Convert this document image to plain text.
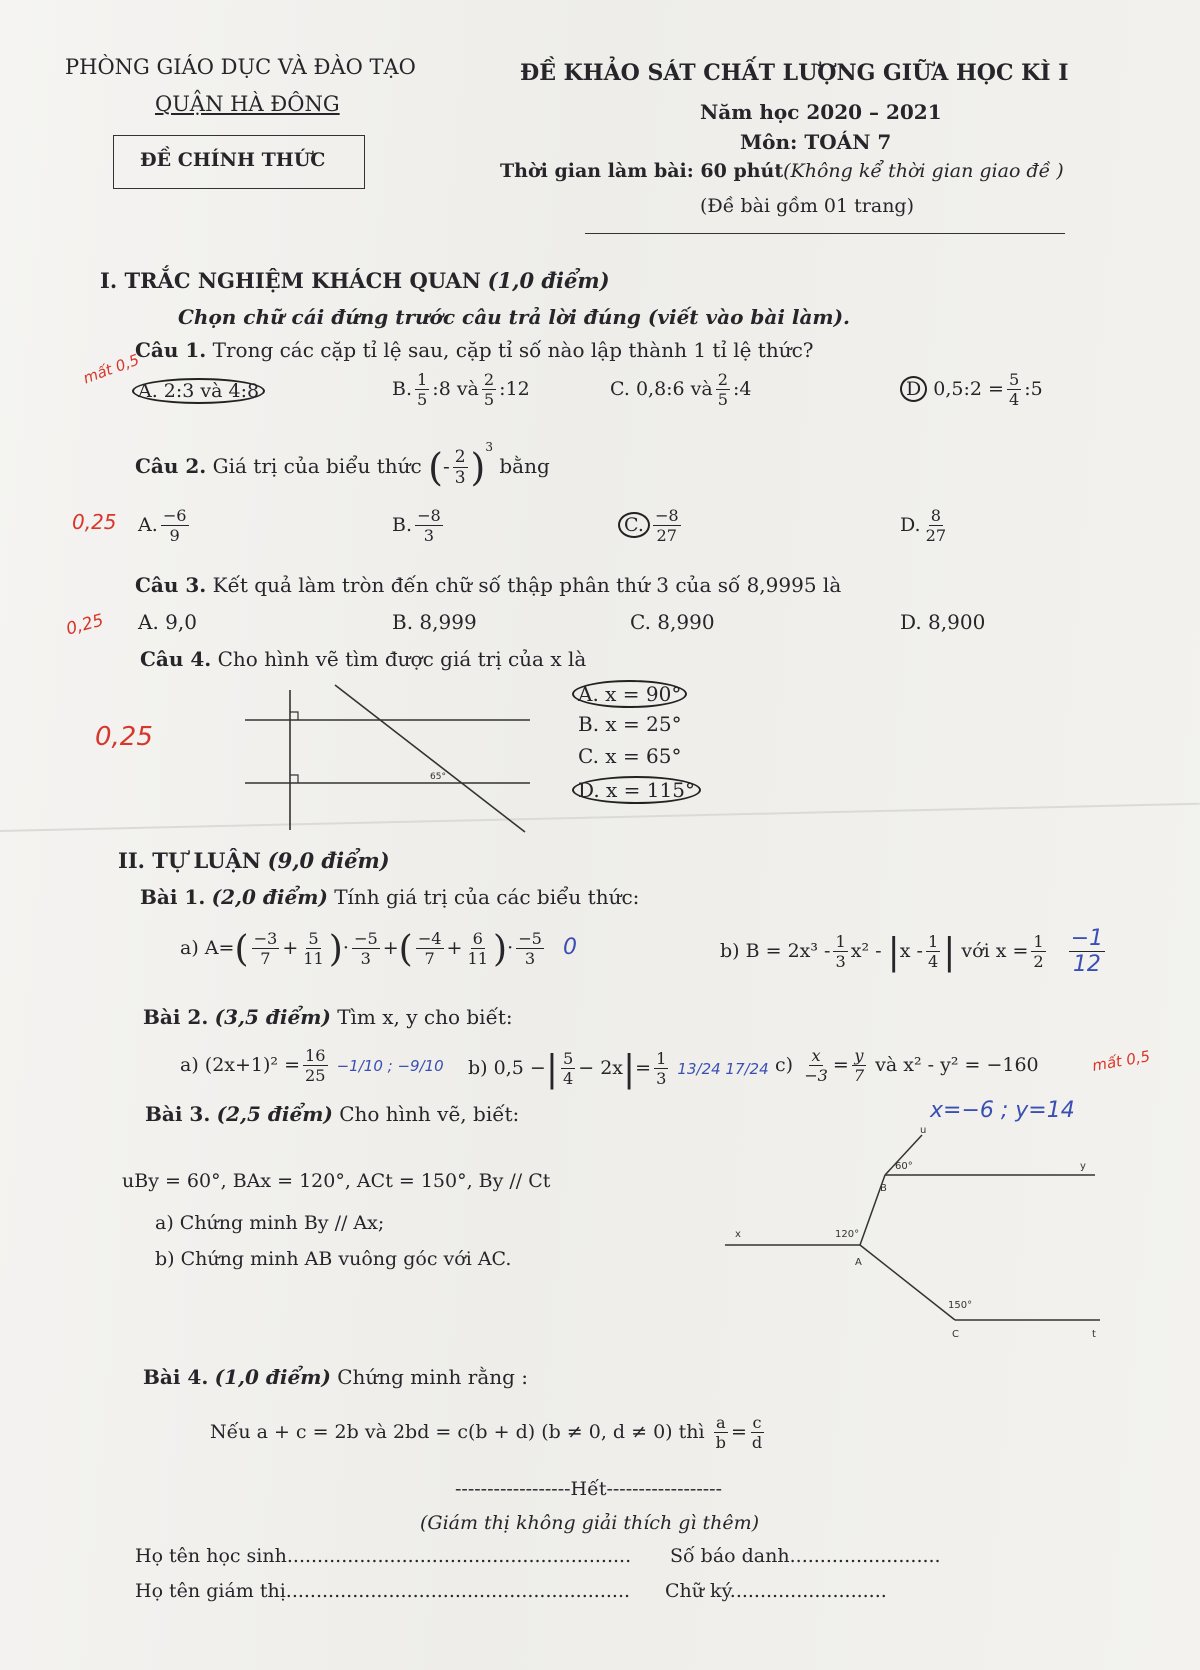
PHÒNG GIÁO DỤC VÀ ĐÀO TẠO
QUẬN HÀ ĐÔNG
ĐỀ CHÍNH THỨC
ĐỀ KHẢO SÁT CHẤT LƯỢNG GIỮA HỌC KÌ I
Năm học 2020 – 2021
Môn: TOÁN 7
Thời gian làm bài: 60 phút(Không kể thời gian giao đề )
(Đề bài gồm 01 trang)
I. TRẮC NGHIỆM KHÁCH QUAN (1,0 điểm)
Chọn chữ cái đứng trước câu trả lời đúng (viết vào bài làm).
Câu 1. Trong các cặp tỉ lệ sau, cặp tỉ số nào lập thành 1 tỉ lệ thức?
mất 0,5
A. 2:3 và 4:8	B. $\frac{1}{5}$ :8 và $\frac{2}{5}$ :12	C. 0,8:6 và $\frac{2}{5}$ :4	D 0,5:2 = $\frac{5}{4}$ :5
Câu 2. Giá trị của biểu thức (- $\frac{2}{3} )^3$ bằng
0,25 A. $\frac{-6}{9}$	B. $\frac{-8}{3}$	C. $\frac{-8}{27}$	D. $\frac{8}{27}$
Câu 3. Kết quả làm tròn đến chữ số thập phân thứ 3 của số 8,9995 là
0,25 A. 9,0	B. 8,999	C. 8,990	D. 8,900
Câu 4. Cho hình vẽ tìm được giá trị của x là
0,25
65°
A. x = 90°
B. x = 25°
C. x = 65°
D. x = 115°
II. TỰ LUẬN (9,0 điểm)
Bài 1. (2,0 điểm) Tính giá trị của các biểu thức:
a) $A=( \frac{-3}{7} + \frac{5}{11}$ )· $\frac{-5}{3}$ +( $\frac{-4}{7} + \frac{6}{11}$ )· $\frac{-5}{3} 0$	b) $B = 2x^3 - \frac{1}{3} x^2 - |x - \frac{1}{4}$ | với $x = \frac{1}{2}$
$\frac{-1}{12}$
Bài 2. (3,5 điểm) Tìm x, y cho biết:
a) $(2x+1)^2 = \frac{16}{25} -1/10$ ; −9/10 b) 0,5 −| $\frac{5}{4} - 2x|= \frac{1}{3} 13/24$ 17/24 $c) \frac{x}{-3} = \frac{y}{7}$ và x² - y² = −160	mất 0,5
x=−6 ; y=14
Bài 3. (2,5 điểm) Cho hình vẽ, biết:
uBy = 60°, BAx = 120°, ACt = 150°, By // Ct
a) Chứng minh By // Ax;
b) Chứng minh AB vuông góc với AC.
u
B
60°	y
x	120°
A
150°
C	t
Bài 4. (1,0 điểm) Chứng minh rằng :
Nếu a + c = 2b và 2bd = c(b + d) (b ≠ 0, d ≠ 0) thì $\frac{a}{b} = \frac{c}{d}$
------------------Hết------------------
(Giám thị không giải thích gì thêm)
Họ tên học sinh......................................................... Số báo danh.........................
Họ tên giám thị......................................................... Chữ ký..........................
